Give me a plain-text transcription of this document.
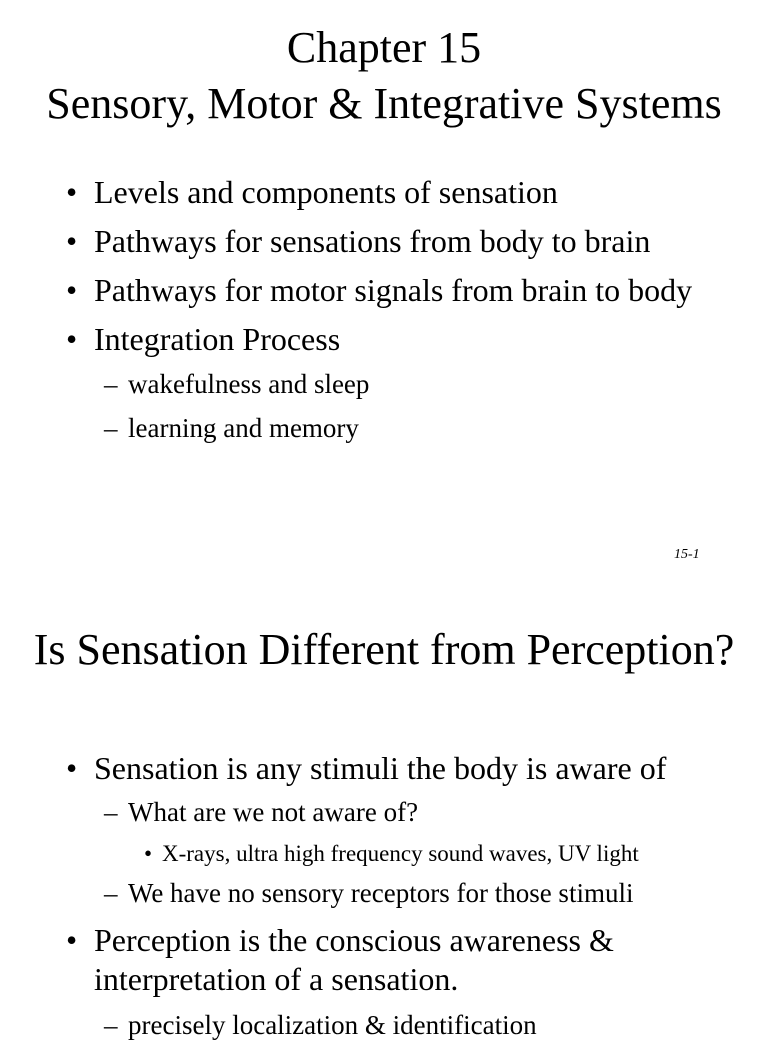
Chapter 15
Sensory, Motor & Integrative Systems
• Levels and components of sensation
• Pathways for sensations from body to brain
• Pathways for motor signals from brain to body
• Integration Process
– wakefulness and sleep
– learning and memory
15-1
Is Sensation Different from Perception?
• Sensation is any stimuli the body is aware of
– What are we not aware of?
• X-rays, ultra high frequency sound waves, UV light
– We have no sensory receptors for those stimuli
• Perception is the conscious awareness &
interpretation of a sensation.
– precisely localization & identification
